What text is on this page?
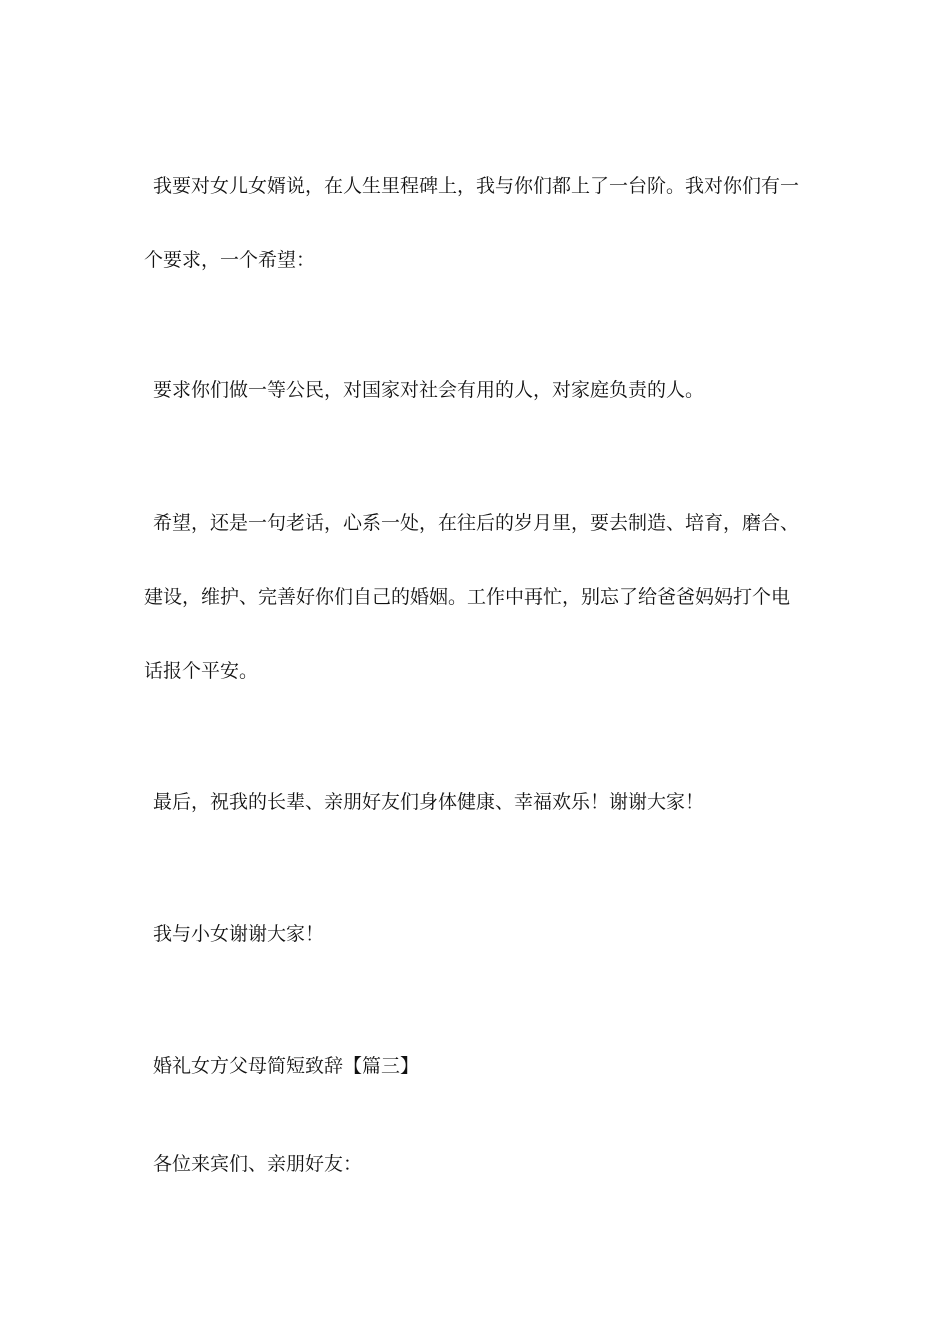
我要对女儿女婿说，在人生里程碑上，我与你们都上了一台阶。我对你们有一
个要求，一个希望：
要求你们做一等公民，对国家对社会有用的人，对家庭负责的人。
希望，还是一句老话，心系一处，在往后的岁月里，要去制造、培育，磨合、
建设，维护、完善好你们自己的婚姻。工作中再忙，别忘了给爸爸妈妈打个电
话报个平安。
最后，祝我的长辈、亲朋好友们身体健康、幸福欢乐！谢谢大家！
我与小女谢谢大家！
婚礼女方父母简短致辞【篇三】
各位来宾们、亲朋好友：
